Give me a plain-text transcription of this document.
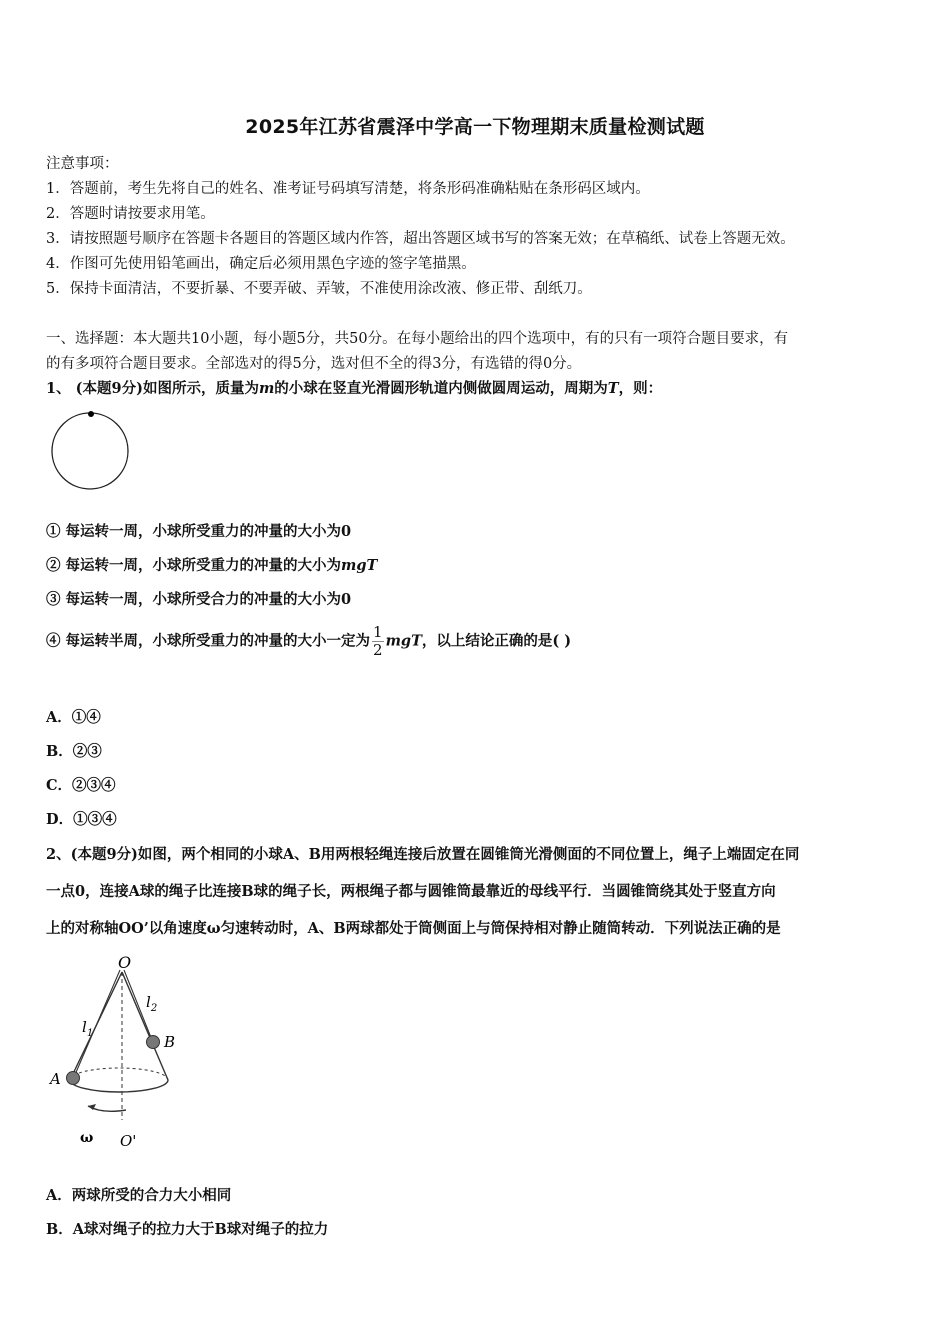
2025年江苏省震泽中学高一下物理期末质量检测试题
注意事项：
1．答题前，考生先将自己的姓名、准考证号码填写清楚，将条形码准确粘贴在条形码区域内。
2．答题时请按要求用笔。
3．请按照题号顺序在答题卡各题目的答题区域内作答，超出答题区域书写的答案无效；在草稿纸、试卷上答题无效。
4．作图可先使用铅笔画出，确定后必须用黑色字迹的签字笔描黑。
5．保持卡面清洁，不要折暴、不要弄破、弄皱，不准使用涂改液、修正带、刮纸刀。
一、选择题：本大题共10小题，每小题5分，共50分。在每小题给出的四个选项中，有的只有一项符合题目要求，有
的有多项符合题目要求。全部选对的得5分，选对但不全的得3分，有选错的得0分。
1、 (本题9分)如图所示，质量为m的小球在竖直光滑圆形轨道内侧做圆周运动，周期为T，则：
① 每运转一周，小球所受重力的冲量的大小为0
② 每运转一周，小球所受重力的冲量的大小为mgT
③ 每运转一周，小球所受合力的冲量的大小为0
④ 每运转半周，小球所受重力的冲量的大小一定为 $\frac{1}{2}$ mgT，以上结论正确的是( )
A．①④
B．②③
C．②③④
D．①③④
2、(本题9分)如图，两个相同的小球A、B用两根轻绳连接后放置在圆锥筒光滑侧面的不同位置上，绳子上端固定在同
一点0，连接A球的绳子比连接B球的绳子长，两根绳子都与圆锥筒最靠近的母线平行．当圆锥筒绕其处于竖直方向
上的对称轴OO’以角速度ω匀速转动时，A、B两球都处于筒侧面上与筒保持相对静止随筒转动．下列说法正确的是
O
$l_1$
$l_2$
B
A
ω O'
A．两球所受的合力大小相同
B．A球对绳子的拉力大于B球对绳子的拉力
